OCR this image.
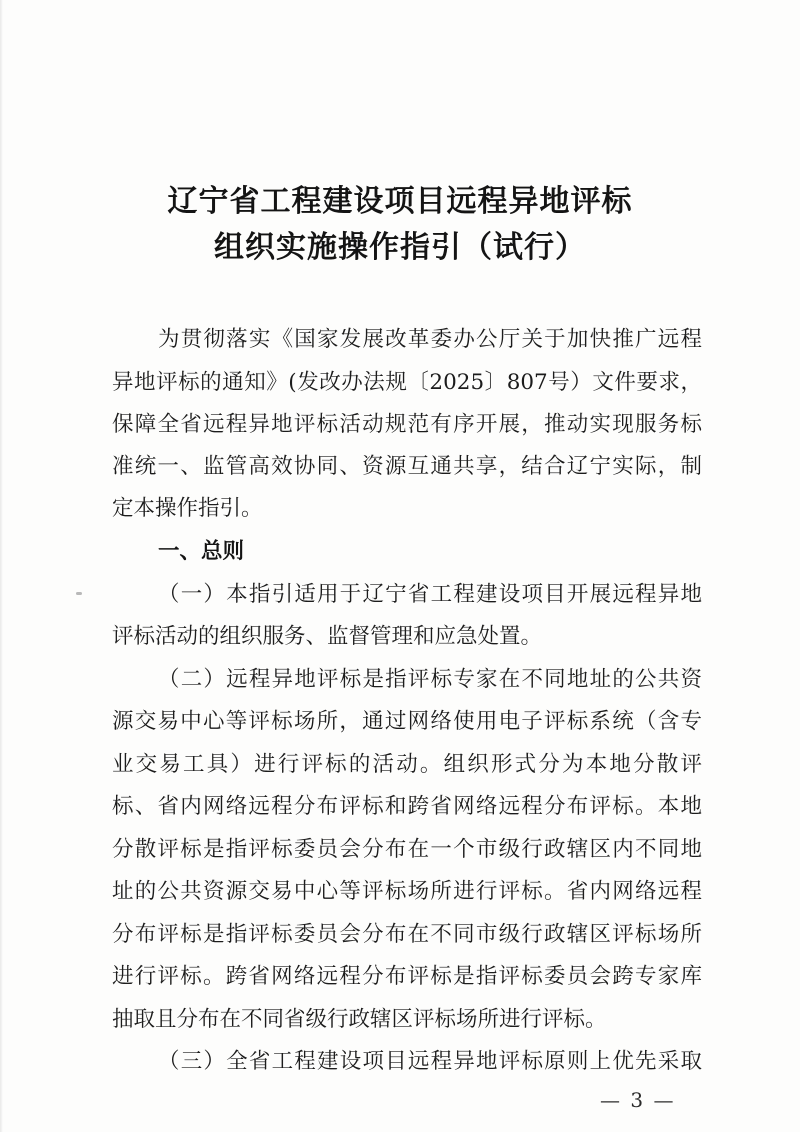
辽宁省工程建设项目远程异地评标
组织实施操作指引（试行）
为贯彻落实《国家发展改革委办公厅关于加快推广远程
异地评标的通知》(发改办法规〔2025〕807号）文件要求，
保障全省远程异地评标活动规范有序开展，推动实现服务标
准统一、监管高效协同、资源互通共享，结合辽宁实际，制
定本操作指引。
一、总则
（一）本指引适用于辽宁省工程建设项目开展远程异地
评标活动的组织服务、监督管理和应急处置。
（二）远程异地评标是指评标专家在不同地址的公共资
源交易中心等评标场所，通过网络使用电子评标系统（含专
业交易工具）进行评标的活动。组织形式分为本地分散评
标、省内网络远程分布评标和跨省网络远程分布评标。本地
分散评标是指评标委员会分布在一个市级行政辖区内不同地
址的公共资源交易中心等评标场所进行评标。省内网络远程
分布评标是指评标委员会分布在不同市级行政辖区评标场所
进行评标。跨省网络远程分布评标是指评标委员会跨专家库
抽取且分布在不同省级行政辖区评标场所进行评标。
（三）全省工程建设项目远程异地评标原则上优先采取
— 3 —
